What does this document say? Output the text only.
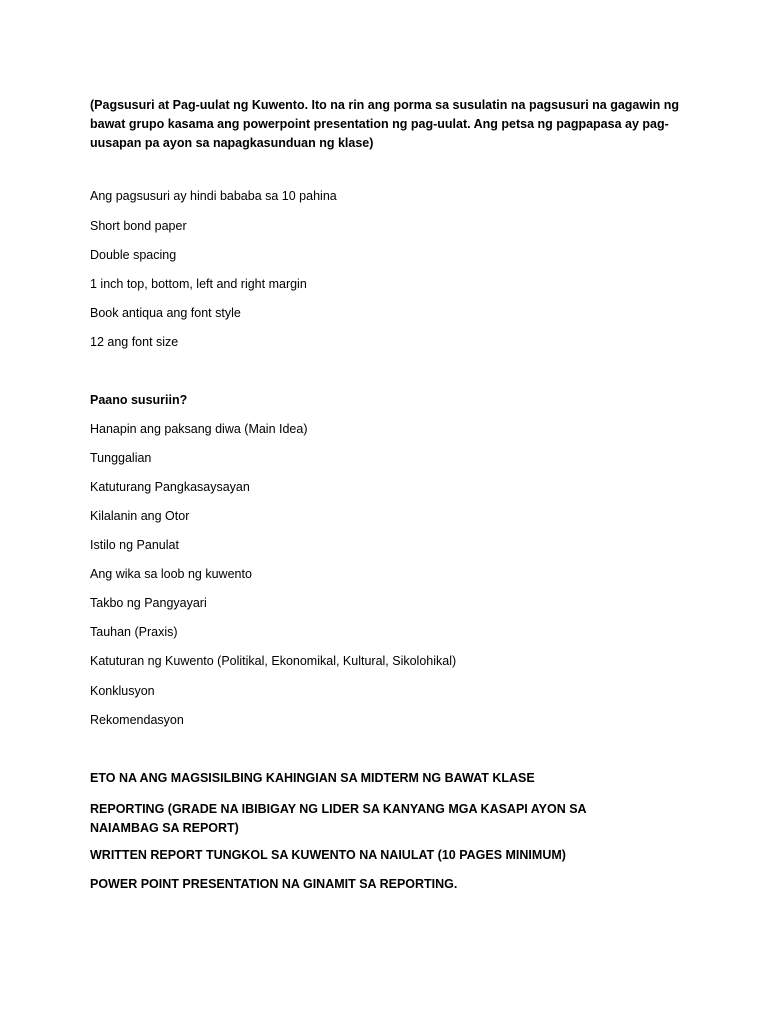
(Pagsusuri at Pag-uulat ng Kuwento. Ito na rin ang porma sa susulatin na pagsusuri na gagawin ng bawat grupo kasama ang powerpoint presentation ng pag-uulat. Ang petsa ng pagpapasa ay pag-uusapan pa ayon sa napagkasunduan ng klase)

Ang pagsusuri ay hindi bababa sa 10 pahina

Short bond paper

Double spacing

1 inch top, bottom, left and right margin

Book antiqua ang font style

12 ang font size

Paano susuriin?

Hanapin ang paksang diwa (Main Idea)

Tunggalian

Katuturang Pangkasaysayan

Kilalanin ang Otor

Istilo ng Panulat

Ang wika sa loob ng kuwento

Takbo ng Pangyayari

Tauhan (Praxis)

Katuturan ng Kuwento (Politikal, Ekonomikal, Kultural, Sikolohikal)

Konklusyon

Rekomendasyon

ETO NA ANG MAGSISILBING KAHINGIAN SA MIDTERM NG BAWAT KLASE

REPORTING (GRADE NA IBIBIGAY NG LIDER SA KANYANG MGA KASAPI AYON SA NAIAMBAG SA REPORT)

WRITTEN REPORT TUNGKOL SA KUWENTO NA NAIULAT (10 PAGES MINIMUM)

POWER POINT PRESENTATION NA GINAMIT SA REPORTING.
